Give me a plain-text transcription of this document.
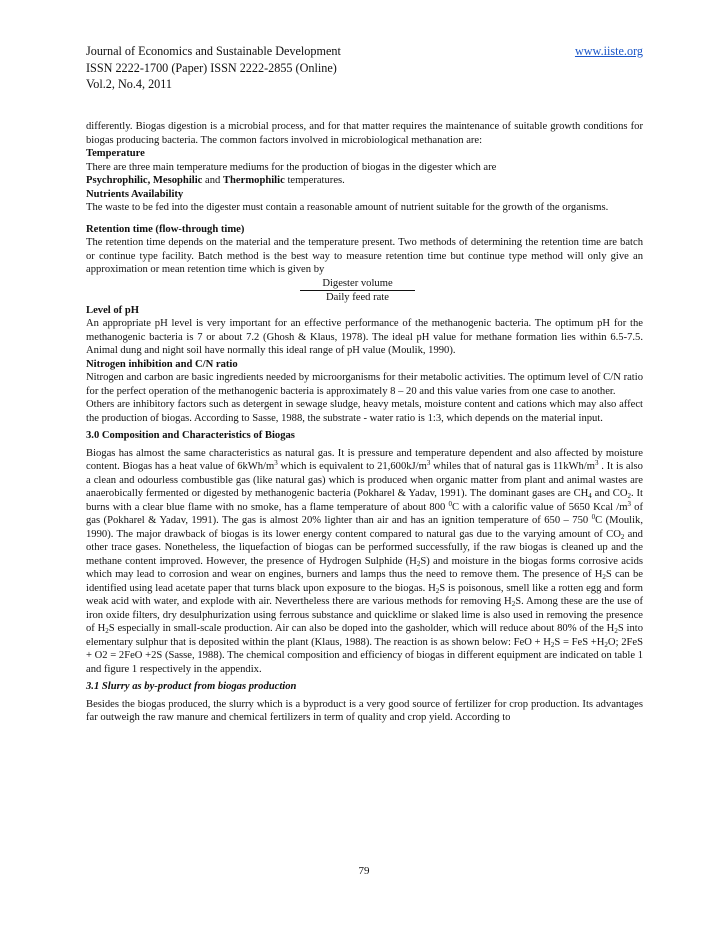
Journal of Economics and Sustainable Development	www.iiste.org
ISSN 2222-1700 (Paper) ISSN 2222-2855 (Online)
Vol.2, No.4, 2011

differently. Biogas digestion is a microbial process, and for that matter requires the maintenance of suitable growth conditions for biogas producing bacteria. The common factors involved in microbiological methanation are:

Temperature

There are three main temperature mediums for the production of biogas in the digester which are

Psychrophilic, Mesophilic and Thermophilic temperatures.

Nutrients Availability

The waste to be fed into the digester must contain a reasonable amount of nutrient suitable for the growth of the organisms.

Retention time (flow-through time)

The retention time depends on the material and the temperature present. Two methods of determining the retention time are batch or continue type facility. Batch method is the best way to measure retention time but continue type method will only give an approximation or mean retention time which is given by

Digester volume
Daily feed rate

Level of pH

An appropriate pH level is very important for an effective performance of the methanogenic bacteria. The optimum pH for the methanogenic bacteria is 7 or about 7.2 (Ghosh & Klaus, 1978). The ideal pH value for methane formation lies within 6.5-7.5. Animal dung and night soil have normally this ideal range of pH value (Moulik, 1990).

Nitrogen inhibition and C/N ratio

Nitrogen and carbon are basic ingredients needed by microorganisms for their metabolic activities. The optimum level of C/N ratio for the perfect operation of the methanogenic bacteria is approximately 8 – 20 and this value varies from one case to another.

Others are inhibitory factors such as detergent in sewage sludge, heavy metals, moisture content and cations which may also affect the production of biogas. According to Sasse, 1988, the substrate - water ratio is 1:3, which depends on the material input.

3.0 Composition and Characteristics of Biogas

Biogas has almost the same characteristics as natural gas. It is pressure and temperature dependent and also affected by moisture content. Biogas has a heat value of $6kWh/m^3$ which is equivalent to $21,600kJ/m^3$ whiles that of natural gas is $11kWh/m^3$ . It is also a clean and odourless combustible gas (like natural gas) which is produced when organic matter from plant and animal wastes are anaerobically fermented or digested by methanogenic bacteria (Pokharel & Yadav, 1991). The dominant gases are $CH_4$ and $CO_2$. It burns with a clear blue flame with no smoke, has a flame temperature of about 800 $^0$C with a calorific value of 5650 Kcal $/m^3$ of gas (Pokharel & Yadav, 1991). The gas is almost 20% lighter than air and has an ignition temperature of 650 – 750 $^0$C (Moulik, 1990). The major drawback of biogas is its lower energy content compared to natural gas due to the varying amount of $CO_2$ and other trace gases. Nonetheless, the liquefaction of biogas can be performed successfully, if the raw biogas is cleaned up and the methane content improved. However, the presence of Hydrogen Sulphide $(H_2S)$ and moisture in the biogas forms corrosive acids which may lead to corrosion and wear on engines, burners and lamps thus the need to remove them. The presence of $H_2S$ can be identified using lead acetate paper that turns black upon exposure to the biogas. $H_2S$ is poisonous, smell like a rotten egg and form weak acid with water, and explode with air. Nevertheless there are various methods for removing $H_2S$. Among these are the use of iron oxide filters, dry desulphurization using ferrous substance and quicklime or slaked lime is also used in removing the presence of $H_2S$ especially in small-scale production. Air can also be doped into the gasholder, which will reduce about 80% of the $H_2S$ into elementary sulphur that is deposited within the plant (Klaus, 1988). The reaction is as shown below: FeO + $H_2S$ = FeS $+H_2O$; 2FeS + O2 = 2FeO +2S (Sasse, 1988). The chemical composition and efficiency of biogas in different equipment are indicated on table 1 and figure 1 respectively in the appendix.

3.1 Slurry as by-product from biogas production

Besides the biogas produced, the slurry which is a byproduct is a very good source of fertilizer for crop production. Its advantages far outweigh the raw manure and chemical fertilizers in term of quality and crop yield. According to

79
